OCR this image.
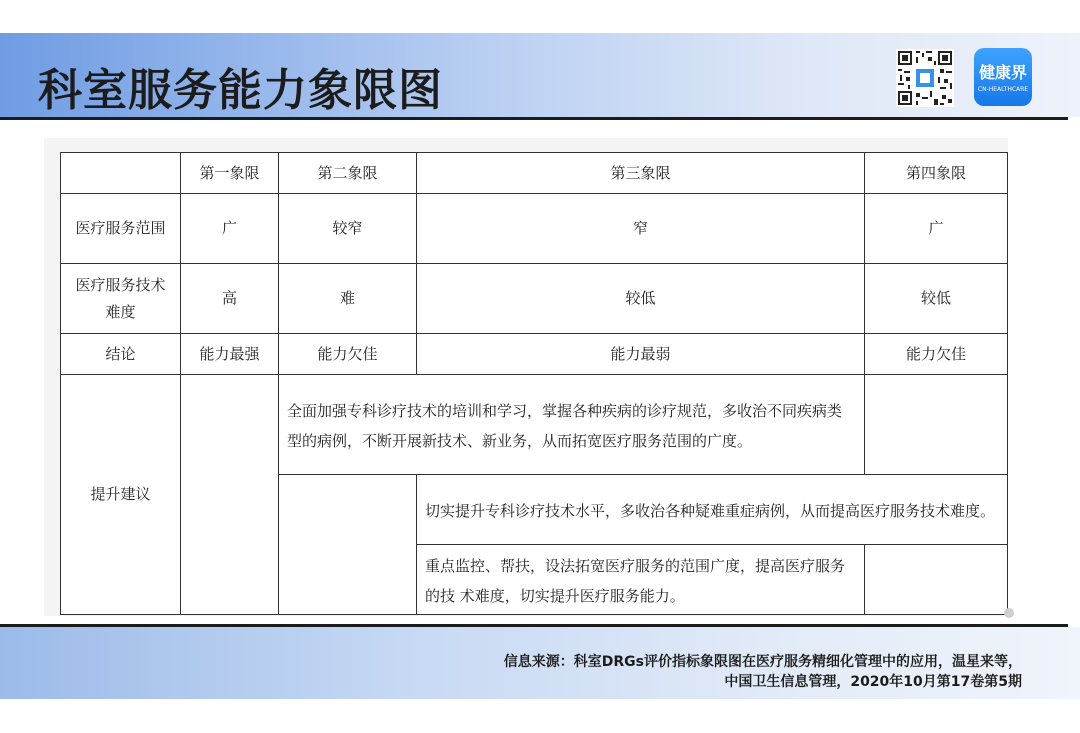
科室服务能力象限图	健康界
CN-HEALTHCARE
	第一象限	第二象限	第三象限	第四象限
医疗服务范围	广	较窄	窄	广
医疗服务技术难度	高	难	较低	较低
结论	能力最强	能力欠佳	能力最弱	能力欠佳
提升建议		全面加强专科诊疗技术的培训和学习，掌握各种疾病的诊疗规范，多收治不同疾病类型的病例，不断开展新技术、新业务，从而拓宽医疗服务范围的广度。		
			切实提升专科诊疗技术水平，多收治各种疑难重症病例，从而提高医疗服务技术难度。	
			重点监控、帮扶，设法拓宽医疗服务的范围广度，提高医疗服务的技 术难度，切实提升医疗服务能力。	
信息来源：科室DRGs评价指标象限图在医疗服务精细化管理中的应用，温星来等，
中国卫生信息管理，2020年10月第17卷第5期
